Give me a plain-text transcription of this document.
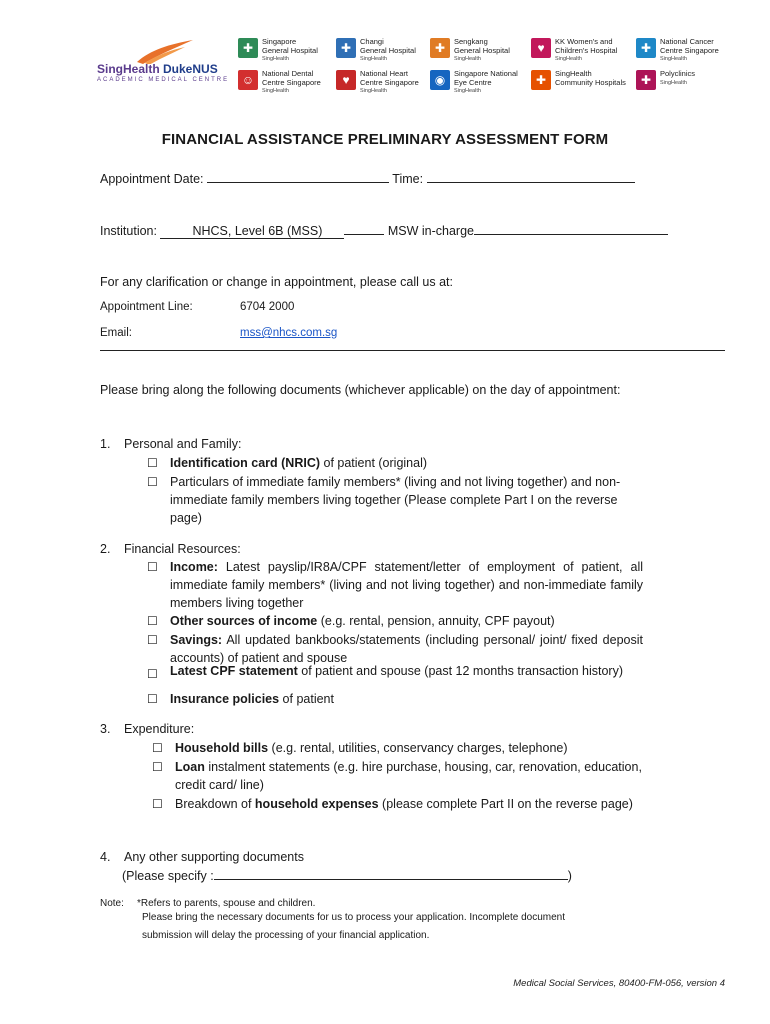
SingHealth DukeNUS
ACADEMIC MEDICAL CENTRE
✚	Singapore
General Hospital
SingHealth
✚	Changi
General Hospital
SingHealth
✚	Sengkang
General Hospital
SingHealth
♥	KK Women's and
Children's Hospital
SingHealth
✚	National Cancer
Centre Singapore
SingHealth
☺	National Dental
Centre Singapore
SingHealth
♥	National Heart
Centre Singapore
SingHealth
◉	Singapore National
Eye Centre
SingHealth
✚	SingHealth
Community Hospitals	✚	Polyclinics
SingHealth
FINANCIAL ASSISTANCE PRELIMINARY ASSESSMENT FORM
Appointment Date:	Time:
Institution:	NHCS, Level 6B (MSS)	MSW in-charge
For any clarification or change in appointment, please call us at:
Appointment Line:	6704 2000
Email:	mss@nhcs.com.sg
Please bring along the following documents (whichever applicable) on the day of appointment:
1. Personal and Family:
☐ Identification card (NRIC) of patient (original)
☐ Particulars of immediate family members* (living and not living together) and non-immediate family members living together (Please complete Part I on the reverse page)
2. Financial Resources:
☐ Income: Latest payslip/IR8A/CPF statement/letter of employment of patient, all immediate family members* (living and not living together) and non-immediate family members living together
☐ Other sources of income (e.g. rental, pension, annuity, CPF payout)
☐ Savings: All updated bankbooks/statements (including personal/ joint/ fixed deposit accounts) of patient and spouse
☐ Latest CPF statement of patient and spouse (past 12 months transaction history)
☐ Insurance policies of patient
3. Expenditure:
☐ Household bills (e.g. rental, utilities, conservancy charges, telephone)
☐ Loan instalment statements (e.g. hire purchase, housing, car, renovation, education, credit card/ line)
☐ Breakdown of household expenses (please complete Part II on the reverse page)
4. Any other supporting documents
(Please specify :	)
Note: *Refers to parents, spouse and children.
Please bring the necessary documents for us to process your application. Incomplete document
submission will delay the processing of your financial application.
Medical Social Services, 80400-FM-056, version 4
